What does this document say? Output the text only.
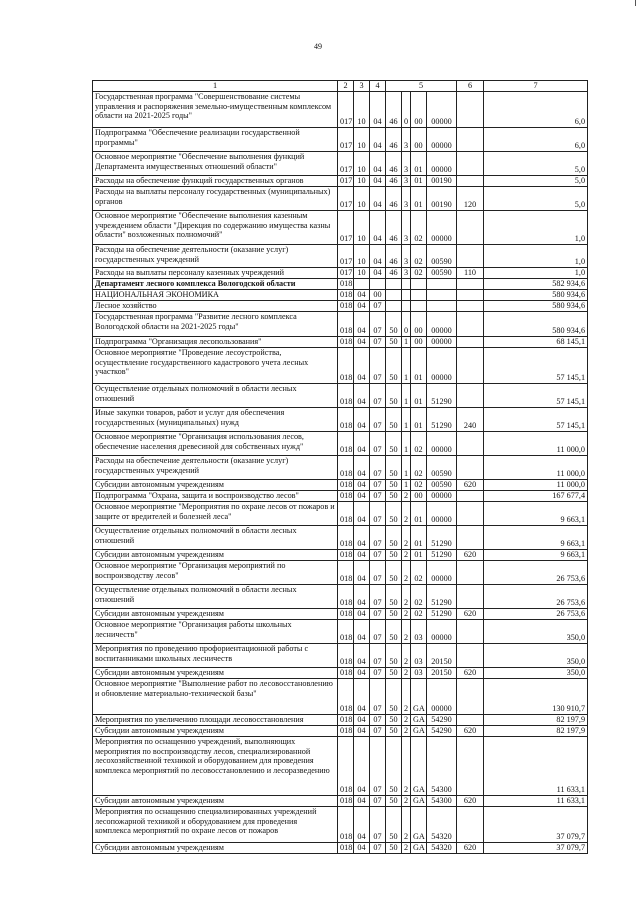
49
1	2	3	4	5				6	7
Государственная программа "Совершенствование системы управления и распоряжения земельно-имущественным комплексом области на 2021-2025 годы"	017	10	04	46	0	00	00000		6,0
Подпрограмма "Обеспечение реализации государственной программы"	017	10	04	46	3	00	00000		6,0
Основное мероприятие "Обеспечение выполнения функций Департамента имущественных отношений области"	017	10	04	46	3	01	00000		5,0
Расходы на обеспечение функций государственных органов	017	10	04	46	3	01	00190		5,0
Расходы на выплаты персоналу государственных (муниципальных) органов	017	10	04	46	3	01	00190	120	5,0
Основное мероприятие "Обеспечение выполнения казенным учреждением области "Дирекция по содержанию имущества казны области" возложенных полномочий"	017	10	04	46	3	02	00000		1,0
Расходы на обеспечение деятельности (оказание услуг) государственных учреждений	017	10	04	46	3	02	00590		1,0
Расходы на выплаты персоналу казенных учреждений	017	10	04	46	3	02	00590	110	1,0
Департамент лесного комплекса Вологодской области	018								582 934,6
НАЦИОНАЛЬНАЯ ЭКОНОМИКА	018	04	00						580 934,6
Лесное хозяйство	018	04	07						580 934,6
Государственная программа "Развитие лесного комплекса Вологодской области на 2021-2025 годы"	018	04	07	50	0	00	00000		580 934,6
Подпрограмма "Организация лесопользования"	018	04	07	50	1	00	00000		68 145,1
Основное мероприятие "Проведение лесоустройства, осуществление государственного кадастрового учета лесных участков"	018	04	07	50	1	01	00000		57 145,1
Осуществление отдельных полномочий в области лесных отношений	018	04	07	50	1	01	51290		57 145,1
Иные закупки товаров, работ и услуг для обеспечения государственных (муниципальных) нужд	018	04	07	50	1	01	51290	240	57 145,1
Основное мероприятие "Организация использования лесов, обеспечение населения древесиной для собственных нужд"	018	04	07	50	1	02	00000		11 000,0
Расходы на обеспечение деятельности (оказание услуг) государственных учреждений	018	04	07	50	1	02	00590		11 000,0
Субсидии автономным учреждениям	018	04	07	50	1	02	00590	620	11 000,0
Подпрограмма "Охрана, защита и воспроизводство лесов"	018	04	07	50	2	00	00000		167 677,4
Основное мероприятие "Мероприятия по охране лесов от пожаров и защите от вредителей и болезней леса"	018	04	07	50	2	01	00000		9 663,1
Осуществление отдельных полномочий в области лесных отношений	018	04	07	50	2	01	51290		9 663,1
Субсидии автономным учреждениям	018	04	07	50	2	01	51290	620	9 663,1
Основное мероприятие "Организация мероприятий по воспроизводству лесов"	018	04	07	50	2	02	00000		26 753,6
Осуществление отдельных полномочий в области лесных отношений	018	04	07	50	2	02	51290		26 753,6
Субсидии автономным учреждениям	018	04	07	50	2	02	51290	620	26 753,6
Основное мероприятие "Организация работы школьных лесничеств"	018	04	07	50	2	03	00000		350,0
Мероприятия по проведению профориентационной работы с воспитанниками школьных лесничеств	018	04	07	50	2	03	20150		350,0
Субсидии автономным учреждениям	018	04	07	50	2	03	20150	620	350,0
Основное мероприятие "Выполнение работ по лесовосстановлению и обновление материально-технической базы"	018	04	07	50	2	GA	00000		130 910,7
Мероприятия по увеличению площади лесовосстановления	018	04	07	50	2	GA	54290		82 197,9
Субсидии автономным учреждениям	018	04	07	50	2	GA	54290	620	82 197,9
Мероприятия по оснащению учреждений, выполняющих мероприятия по воспроизводству лесов, специализированной лесохозяйственной техникой и оборудованием для проведения комплекса мероприятий по лесовосстановлению и лесоразведению	018	04	07	50	2	GA	54300		11 633,1
Субсидии автономным учреждениям	018	04	07	50	2	GA	54300	620	11 633,1
Мероприятия по оснащению специализированных учреждений лесопожарной техникой и оборудованием для проведения комплекса мероприятий по охране лесов от пожаров	018	04	07	50	2	GA	54320		37 079,7
Субсидии автономным учреждениям	018	04	07	50	2	GA	54320	620	37 079,7
